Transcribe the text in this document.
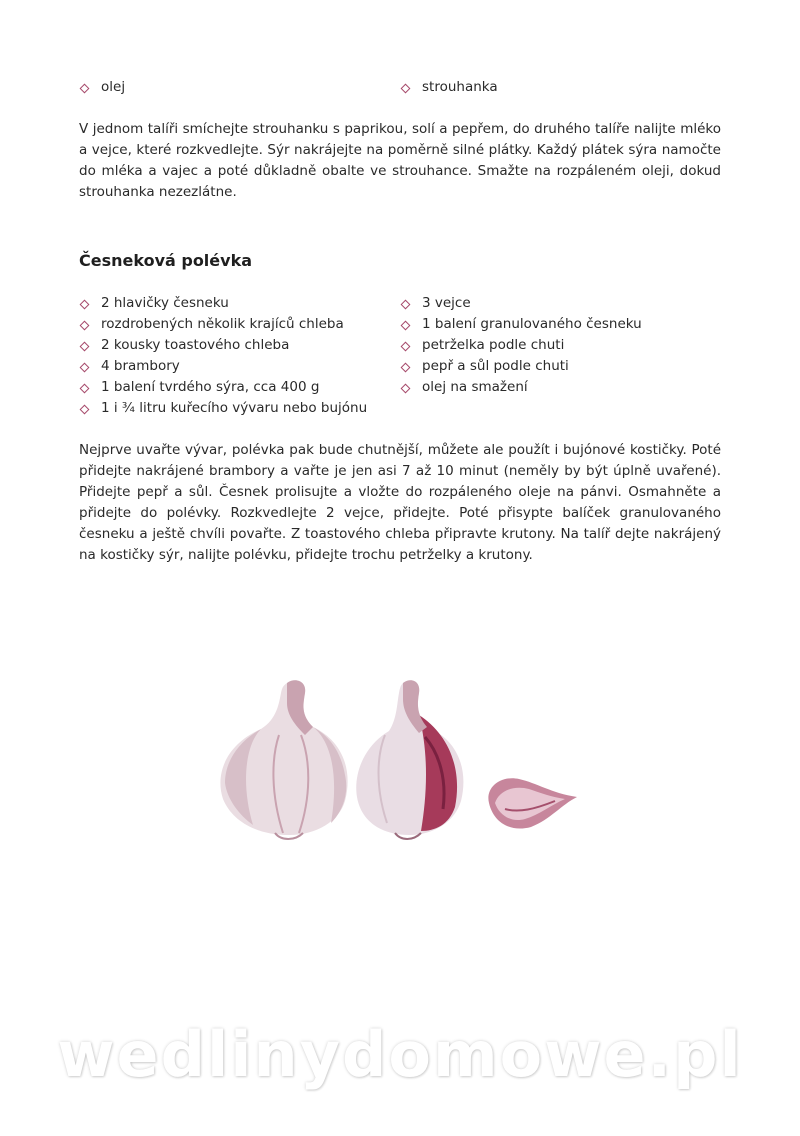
olej	strouhanka

V jednom talíři smíchejte strouhanku s paprikou, solí a pepřem, do druhého talíře nalijte mléko a vejce, které rozkvedlejte. Sýr nakrájejte na poměrně silné plátky. Každý plátek sýra namočte do mléka a vajec a poté důkladně obalte ve strouhance. Smažte na rozpáleném oleji, dokud strouhanka nezezlátne.

Česneková polévka
2 hlavičky česneku
rozdrobených několik krajíců chleba
2 kousky toastového chleba
4 brambory
1 balení tvrdého sýra, cca 400 g
1 i ¾ litru kuřecího vývaru nebo bujónu
3 vejce
1 balení granulovaného česneku
petrželka podle chuti
pepř a sůl podle chuti
olej na smažení

Nejprve uvařte vývar, polévka pak bude chutnější, můžete ale použít i bujónové kostičky. Poté přidejte nakrájené brambory a vařte je jen asi 7 až 10 minut (neměly by být úplně uvařené). Přidejte pepř a sůl. Česnek prolisujte a vložte do rozpáleného oleje na pánvi. Osmahněte a přidejte do polévky. Rozkvedlejte 2 vejce, přidejte. Poté přisypte balíček granulovaného česneku a ještě chvíli povařte. Z toastového chleba připravte krutony. Na talíř dejte nakrájený na kostičky sýr, nalijte polévku, přidejte trochu petrželky a krutony.

wedlinydomowe.pl
